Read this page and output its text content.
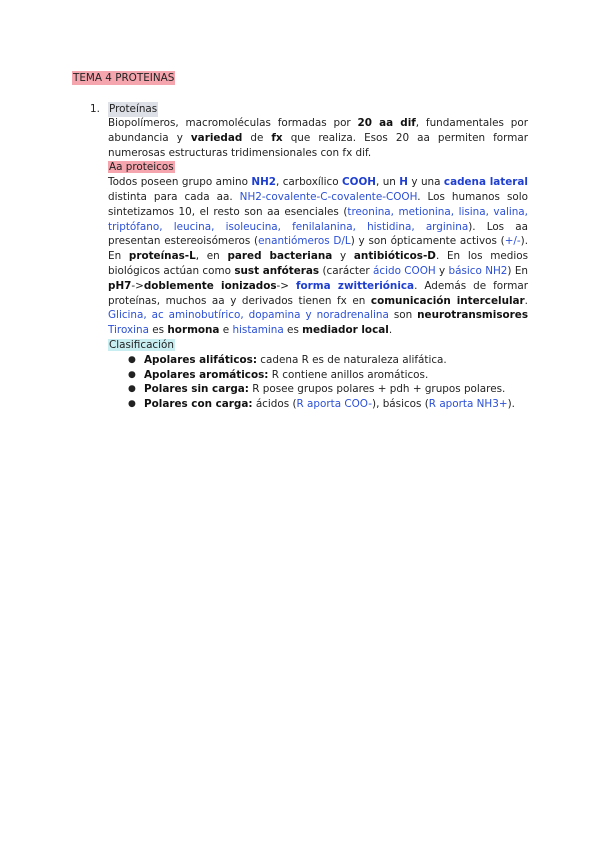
TEMA 4 PROTEINAS
1. Proteínas

Biopolímeros, macromoléculas formadas por 20 aa dif, fundamentales por

abundancia y variedad de fx que realiza. Esos 20 aa permiten formar

numerosas estructuras tridimensionales con fx dif.

Aa proteicos

Todos poseen grupo amino NH2, carboxílico COOH, un H y una cadena lateral

distinta para cada aa. NH2-covalente-C-covalente-COOH. Los humanos solo

sintetizamos 10, el resto son aa esenciales (treonina, metionina, lisina, valina,

triptófano, leucina, isoleucina, fenilalanina, histidina, arginina). Los aa

presentan estereoisómeros (enantiómeros D/L) y son ópticamente activos (+/-).

En proteínas-L, en pared bacteriana y antibióticos-D. En los medios

biológicos actúan como sust anfóteras (carácter ácido COOH y básico NH2) En

pH7->doblemente ionizados-> forma zwitteriónica. Además de formar

proteínas, muchos aa y derivados tienen fx en comunicación intercelular.

Glicina, ac aminobutírico, dopamina y noradrenalina son neurotransmisores

Tiroxina es hormona e histamina es mediador local.

Clasificación

● Apolares alifáticos: cadena R es de naturaleza alifática.
● Apolares aromáticos: R contiene anillos aromáticos.
● Polares sin carga: R posee grupos polares + pdh + grupos polares.
● Polares con carga: ácidos (R aporta COO-), básicos (R aporta NH3+).
